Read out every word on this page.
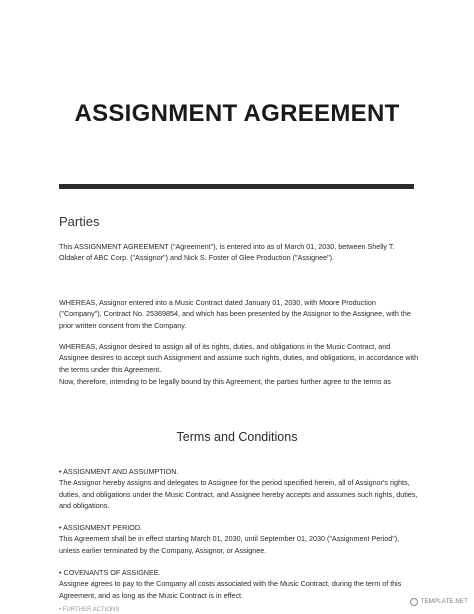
ASSIGNMENT AGREEMENT
Parties

This ASSIGNMENT AGREEMENT ("Agreement"), is entered into as of March 01, 2030, between Shelly T. Oldaker of ABC Corp. ("Assignor") and Nick S. Foster of Glee Production ("Assignee").

WHEREAS, Assignor entered into a Music Contract dated January 01, 2030, with Moore Production ("Company"), Contract No. 25369854, and which has been presented by the Assignor to the Assignee, with the prior written consent from the Company.

WHEREAS, Assignor desired to assign all of its rights, duties, and obligations in the Music Contract, and Assignee desires to accept such Assignment and assume such rights, duties, and obligations, in accordance with the terms under this Agreement.

Now, therefore, intending to be legally bound by this Agreement, the parties further agree to the terms as

Terms and Conditions
• ASSIGNMENT AND ASSUMPTION.
The Assignor hereby assigns and delegates to Assignee for the period specified herein, all of Assignor's rights, duties, and obligations under the Music Contract, and Assignee hereby accepts and assumes such rights, duties, and obligations.
• ASSIGNMENT PERIOD.
This Agreement shall be in effect starting March 01, 2030, until September 01, 2030 ("Assignment Period"), unless earlier terminated by the Company, Assignor, or Assignee.
• COVENANTS OF ASSIGNEE.
Assignee agrees to pay to the Company all costs associated with the Music Contract, during the term of this Agreement, and as long as the Music Contract is in effect.
• FURTHER ACTIONS
TEMPLATE.NET
